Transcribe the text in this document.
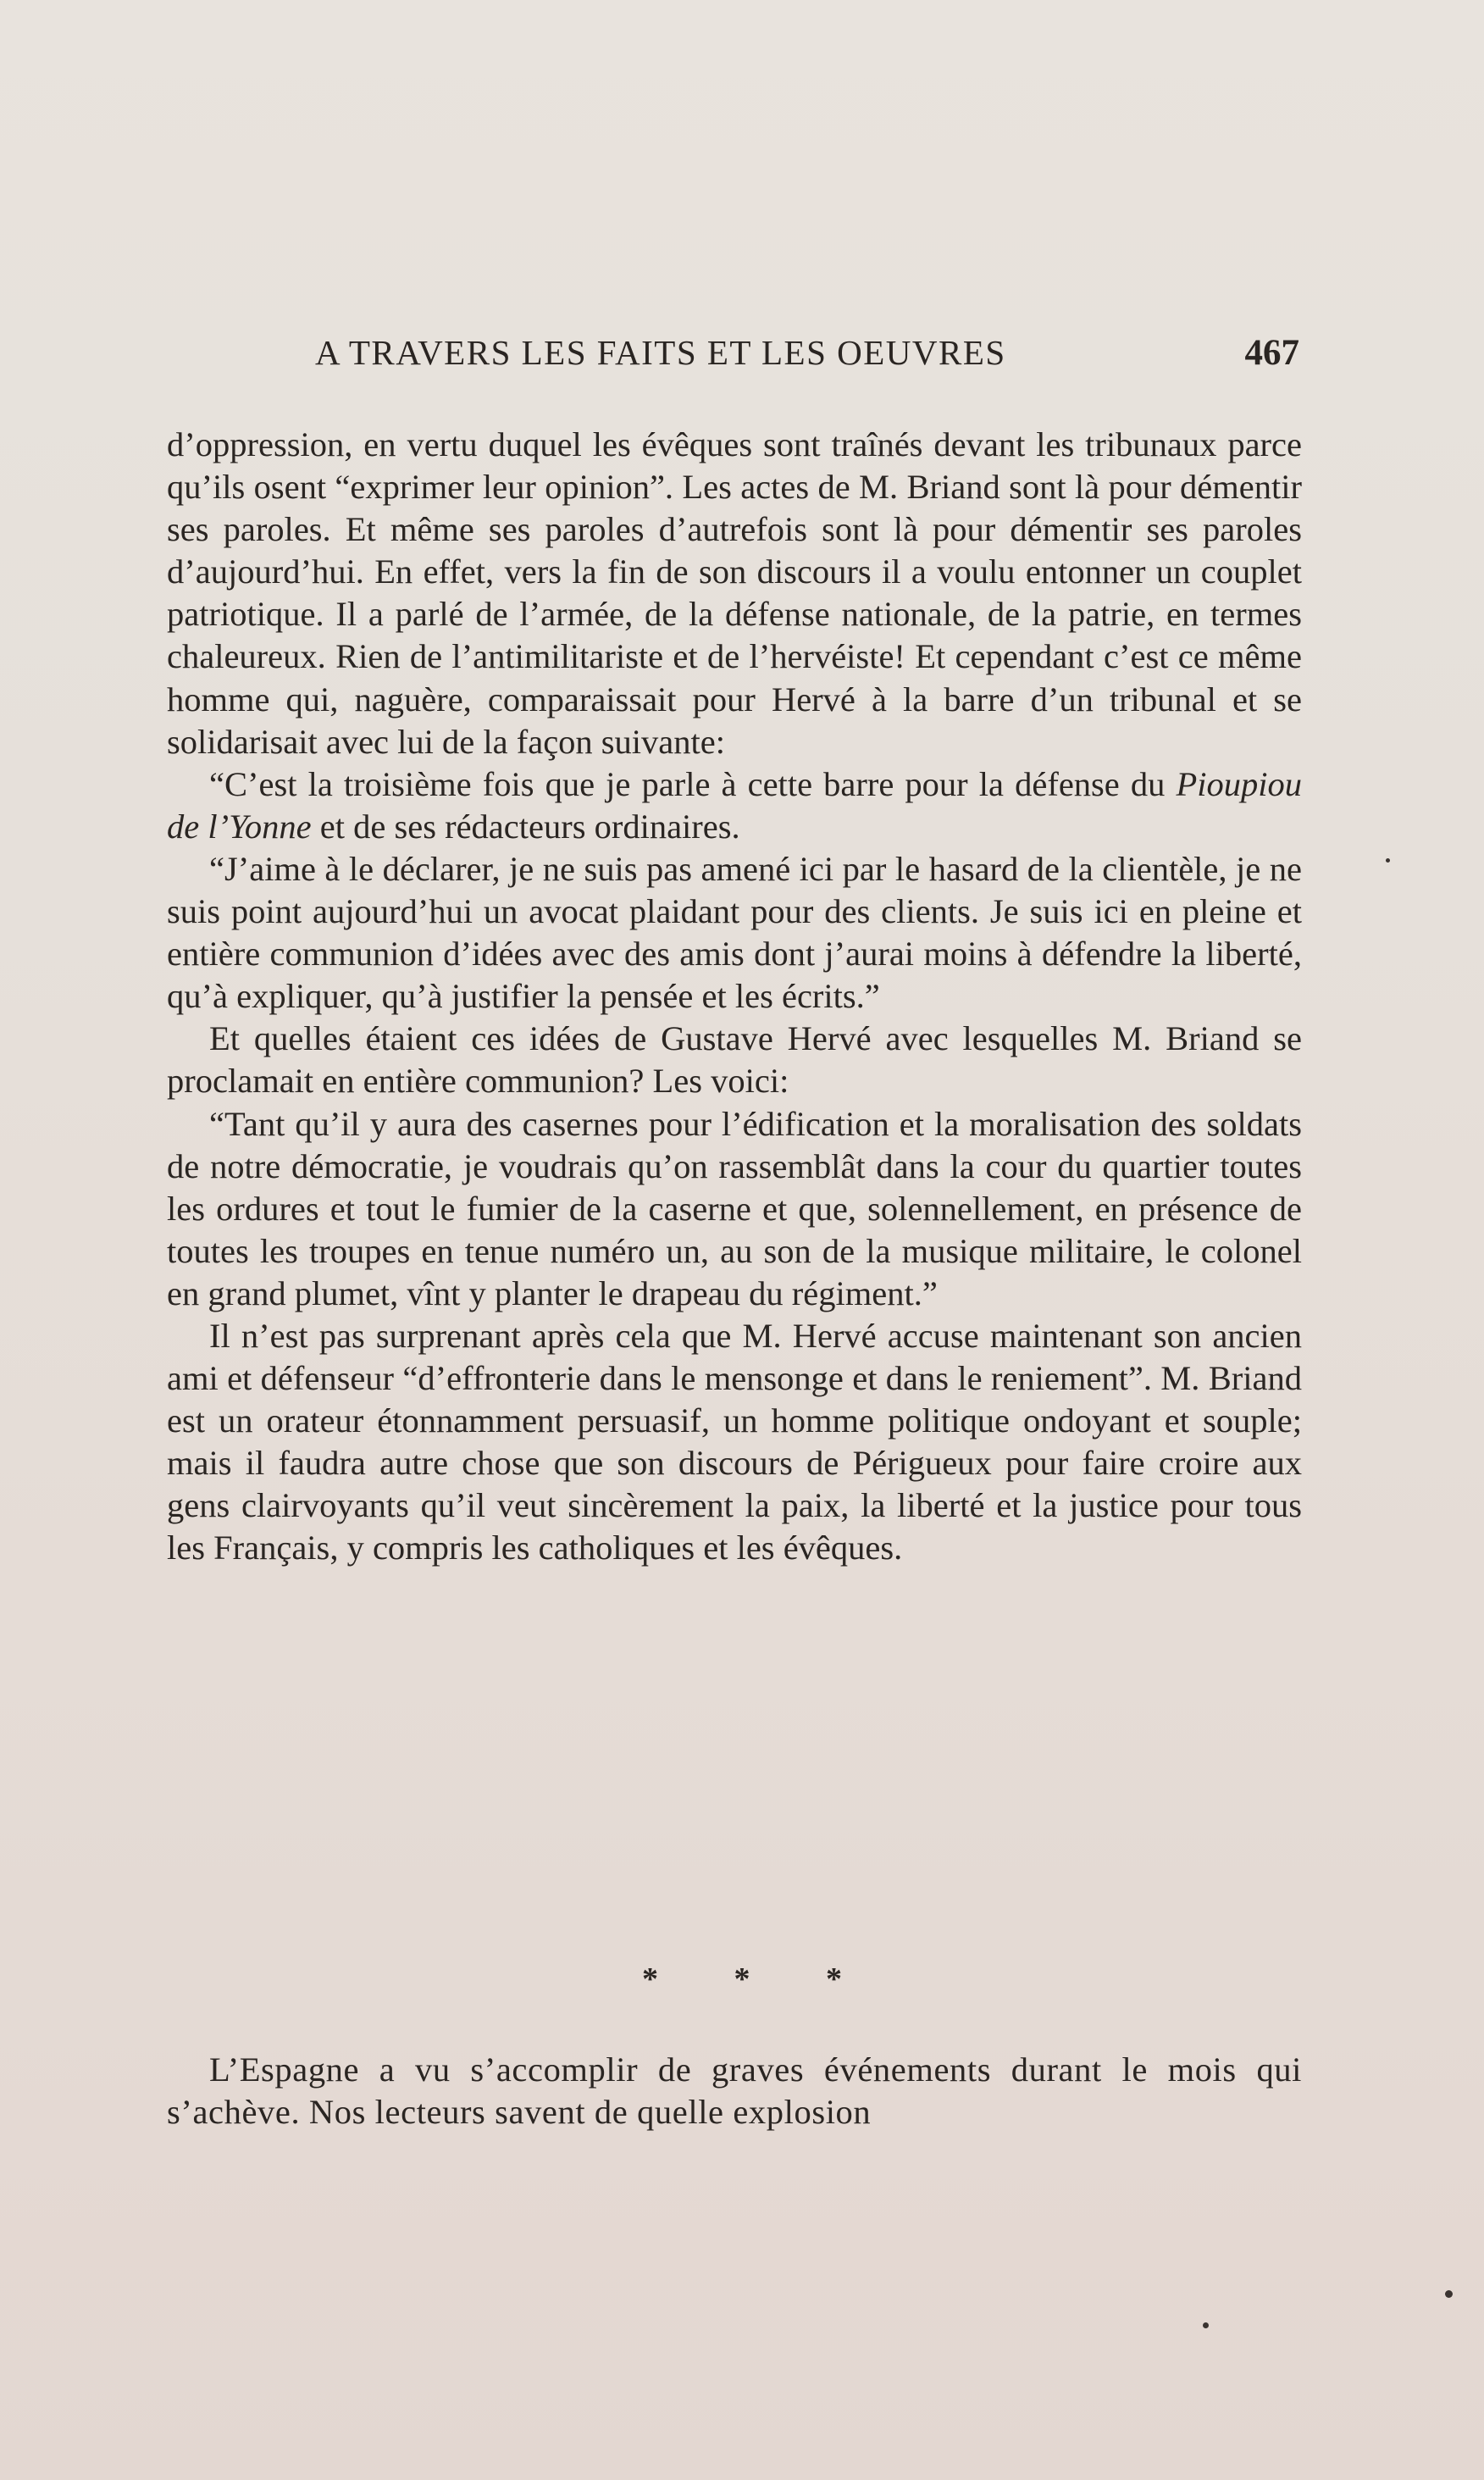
A TRAVERS LES FAITS ET LES OEUVRES	467

d’oppression, en vertu duquel les évêques sont traînés devant les tribunaux parce qu’ils osent “exprimer leur opinion”. Les actes de M. Briand sont là pour démentir ses paroles. Et même ses paroles d’autrefois sont là pour démentir ses paroles d’aujourd’hui. En effet, vers la fin de son discours il a voulu entonner un couplet patriotique. Il a parlé de l’armée, de la défense nationale, de la patrie, en termes chaleureux. Rien de l’antimilitariste et de l’hervéiste! Et cependant c’est ce même homme qui, naguère, comparaissait pour Hervé à la barre d’un tribunal et se solidarisait avec lui de la façon suivante:

“C’est la troisième fois que je parle à cette barre pour la défense du Pioupiou de l’Yonne et de ses rédacteurs ordinaires.

“J’aime à le déclarer, je ne suis pas amené ici par le hasard de la clientèle, je ne suis point aujourd’hui un avocat plaidant pour des clients. Je suis ici en pleine et entière communion d’idées avec des amis dont j’aurai moins à défendre la liberté, qu’à expliquer, qu’à justifier la pensée et les écrits.”

Et quelles étaient ces idées de Gustave Hervé avec lesquelles M. Briand se proclamait en entière communion? Les voici:

“Tant qu’il y aura des casernes pour l’édification et la moralisation des soldats de notre démocratie, je voudrais qu’on rassemblât dans la cour du quartier toutes les ordures et tout le fumier de la caserne et que, solennellement, en présence de toutes les troupes en tenue numéro un, au son de la musique militaire, le colonel en grand plumet, vînt y planter le drapeau du régiment.”

Il n’est pas surprenant après cela que M. Hervé accuse maintenant son ancien ami et défenseur “d’effronterie dans le mensonge et dans le reniement”. M. Briand est un orateur étonnamment persuasif, un homme politique ondoyant et souple; mais il faudra autre chose que son discours de Périgueux pour faire croire aux gens clairvoyants qu’il veut sincèrement la paix, la liberté et la justice pour tous les Français, y compris les catholiques et les évêques.

* * *

L’Espagne a vu s’accomplir de graves événements durant le mois qui s’achève. Nos lecteurs savent de quelle explosion
